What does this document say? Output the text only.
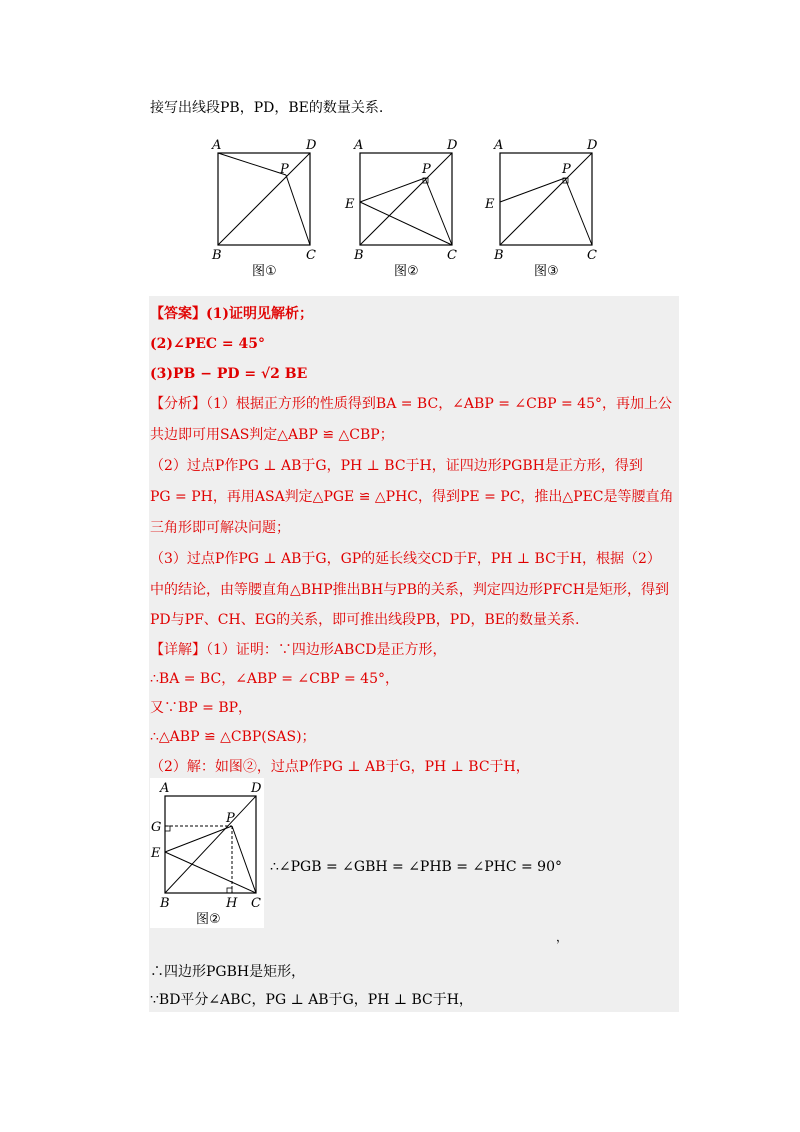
接写出线段PB，PD，BE的数量关系.
A	D
P
B	C
图①
A	D
P
E
B	C
图②
A	D
P
E
B	C
图③
【答案】(1)证明见解析；
(2)∠PEC = 45°
(3)PB − PD = √2 BE
【分析】（1）根据正方形的性质得到BA = BC，∠ABP = ∠CBP = 45°，再加上公
共边即可用SAS判定△ABP ≌ △CBP；
（2）过点P作PG ⊥ AB于G，PH ⊥ BC于H，证四边形PGBH是正方形，得到
PG = PH，再用ASA判定△PGE ≌ △PHC，得到PE = PC，推出△PEC是等腰直角
三角形即可解决问题；
（3）过点P作PG ⊥ AB于G，GP的延长线交CD于F，PH ⊥ BC于H，根据（2）
中的结论，由等腰直角△BHP推出BH与PB的关系，判定四边形PFCH是矩形，得到
PD与PF、CH、EG的关系，即可推出线段PB，PD，BE的数量关系.
【详解】（1）证明：∵四边形ABCD是正方形，
∴BA = BC，∠ABP = ∠CBP = 45°，
又∵BP = BP，
∴△ABP ≌ △CBP(SAS)；
（2）解：如图②，过点P作PG ⊥ AB于G，PH ⊥ BC于H，
A	D
P
G
E
B	H C
图②
∴∠PGB = ∠GBH = ∠PHB = ∠PHC = 90°
，
∴四边形PGBH是矩形，
∵BD平分∠ABC，PG ⊥ AB于G，PH ⊥ BC于H，
